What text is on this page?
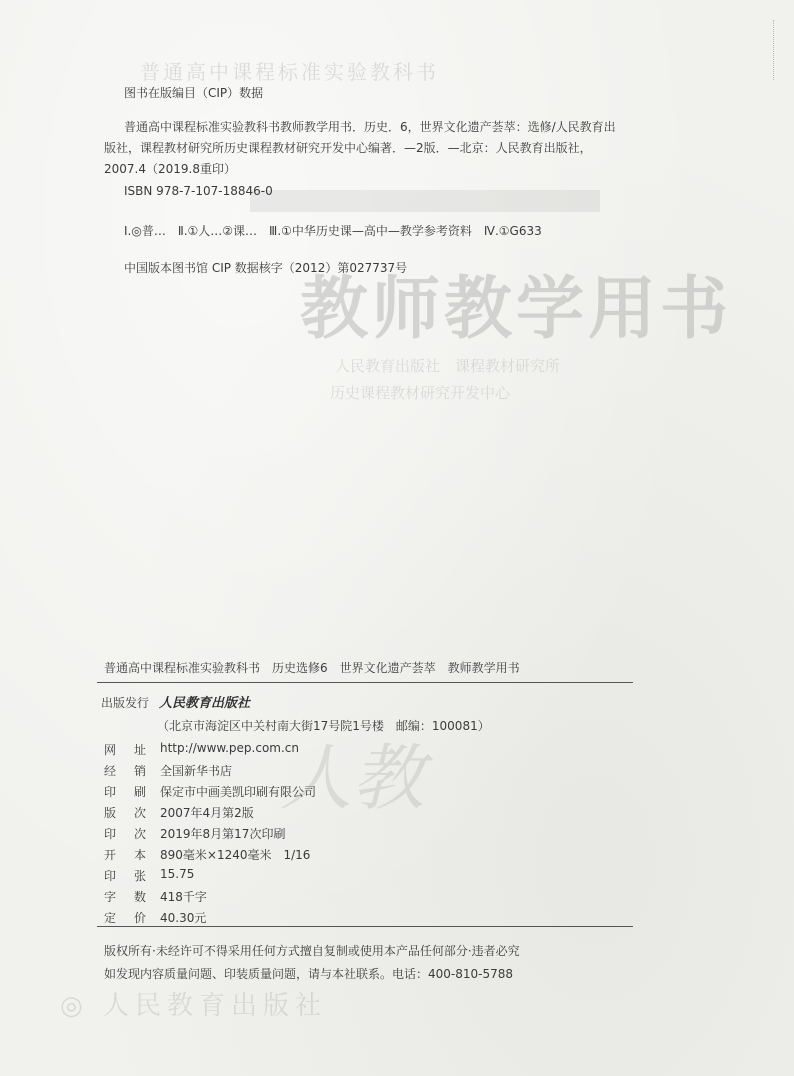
普通高中课程标准实验教科书
教师教学用书
人民教育出版社　课程教材研究所
历史课程教材研究开发中心
◎ 人民教育出版社
图书在版编目（CIP）数据
普通高中课程标准实验教科书教师教学用书．历史．6，世界文化遗产荟萃：选修/人民教育出版社，课程教材研究所历史课程教材研究开发中心编著．—2版．—北京：人民教育出版社，2007.4（2019.8重印）
ISBN 978-7-107-18846-0
Ⅰ.◎普…　Ⅱ.①人…②课…　Ⅲ.①中华历史课—高中—教学参考资料　Ⅳ.①G633
中国版本图书馆 CIP 数据核字（2012）第027737号
普通高中课程标准实验教科书　历史选修6　世界文化遗产荟萃　教师教学用书
出版发行 人民教育出版社
（北京市海淀区中关村南大街17号院1号楼　邮编：100081）
网 址 http://www.pep.com.cn
经 销 全国新华书店
印 刷 保定市中画美凯印刷有限公司
版 次 2007年4月第2版
印 次 2019年8月第17次印刷
开 本 890毫米×1240毫米　1/16
印 张 15.75
字 数 418千字
定 价 40.30元
版权所有·未经许可不得采用任何方式擅自复制或使用本产品任何部分·违者必究
如发现内容质量问题、印装质量问题，请与本社联系。电话：400-810-5788
